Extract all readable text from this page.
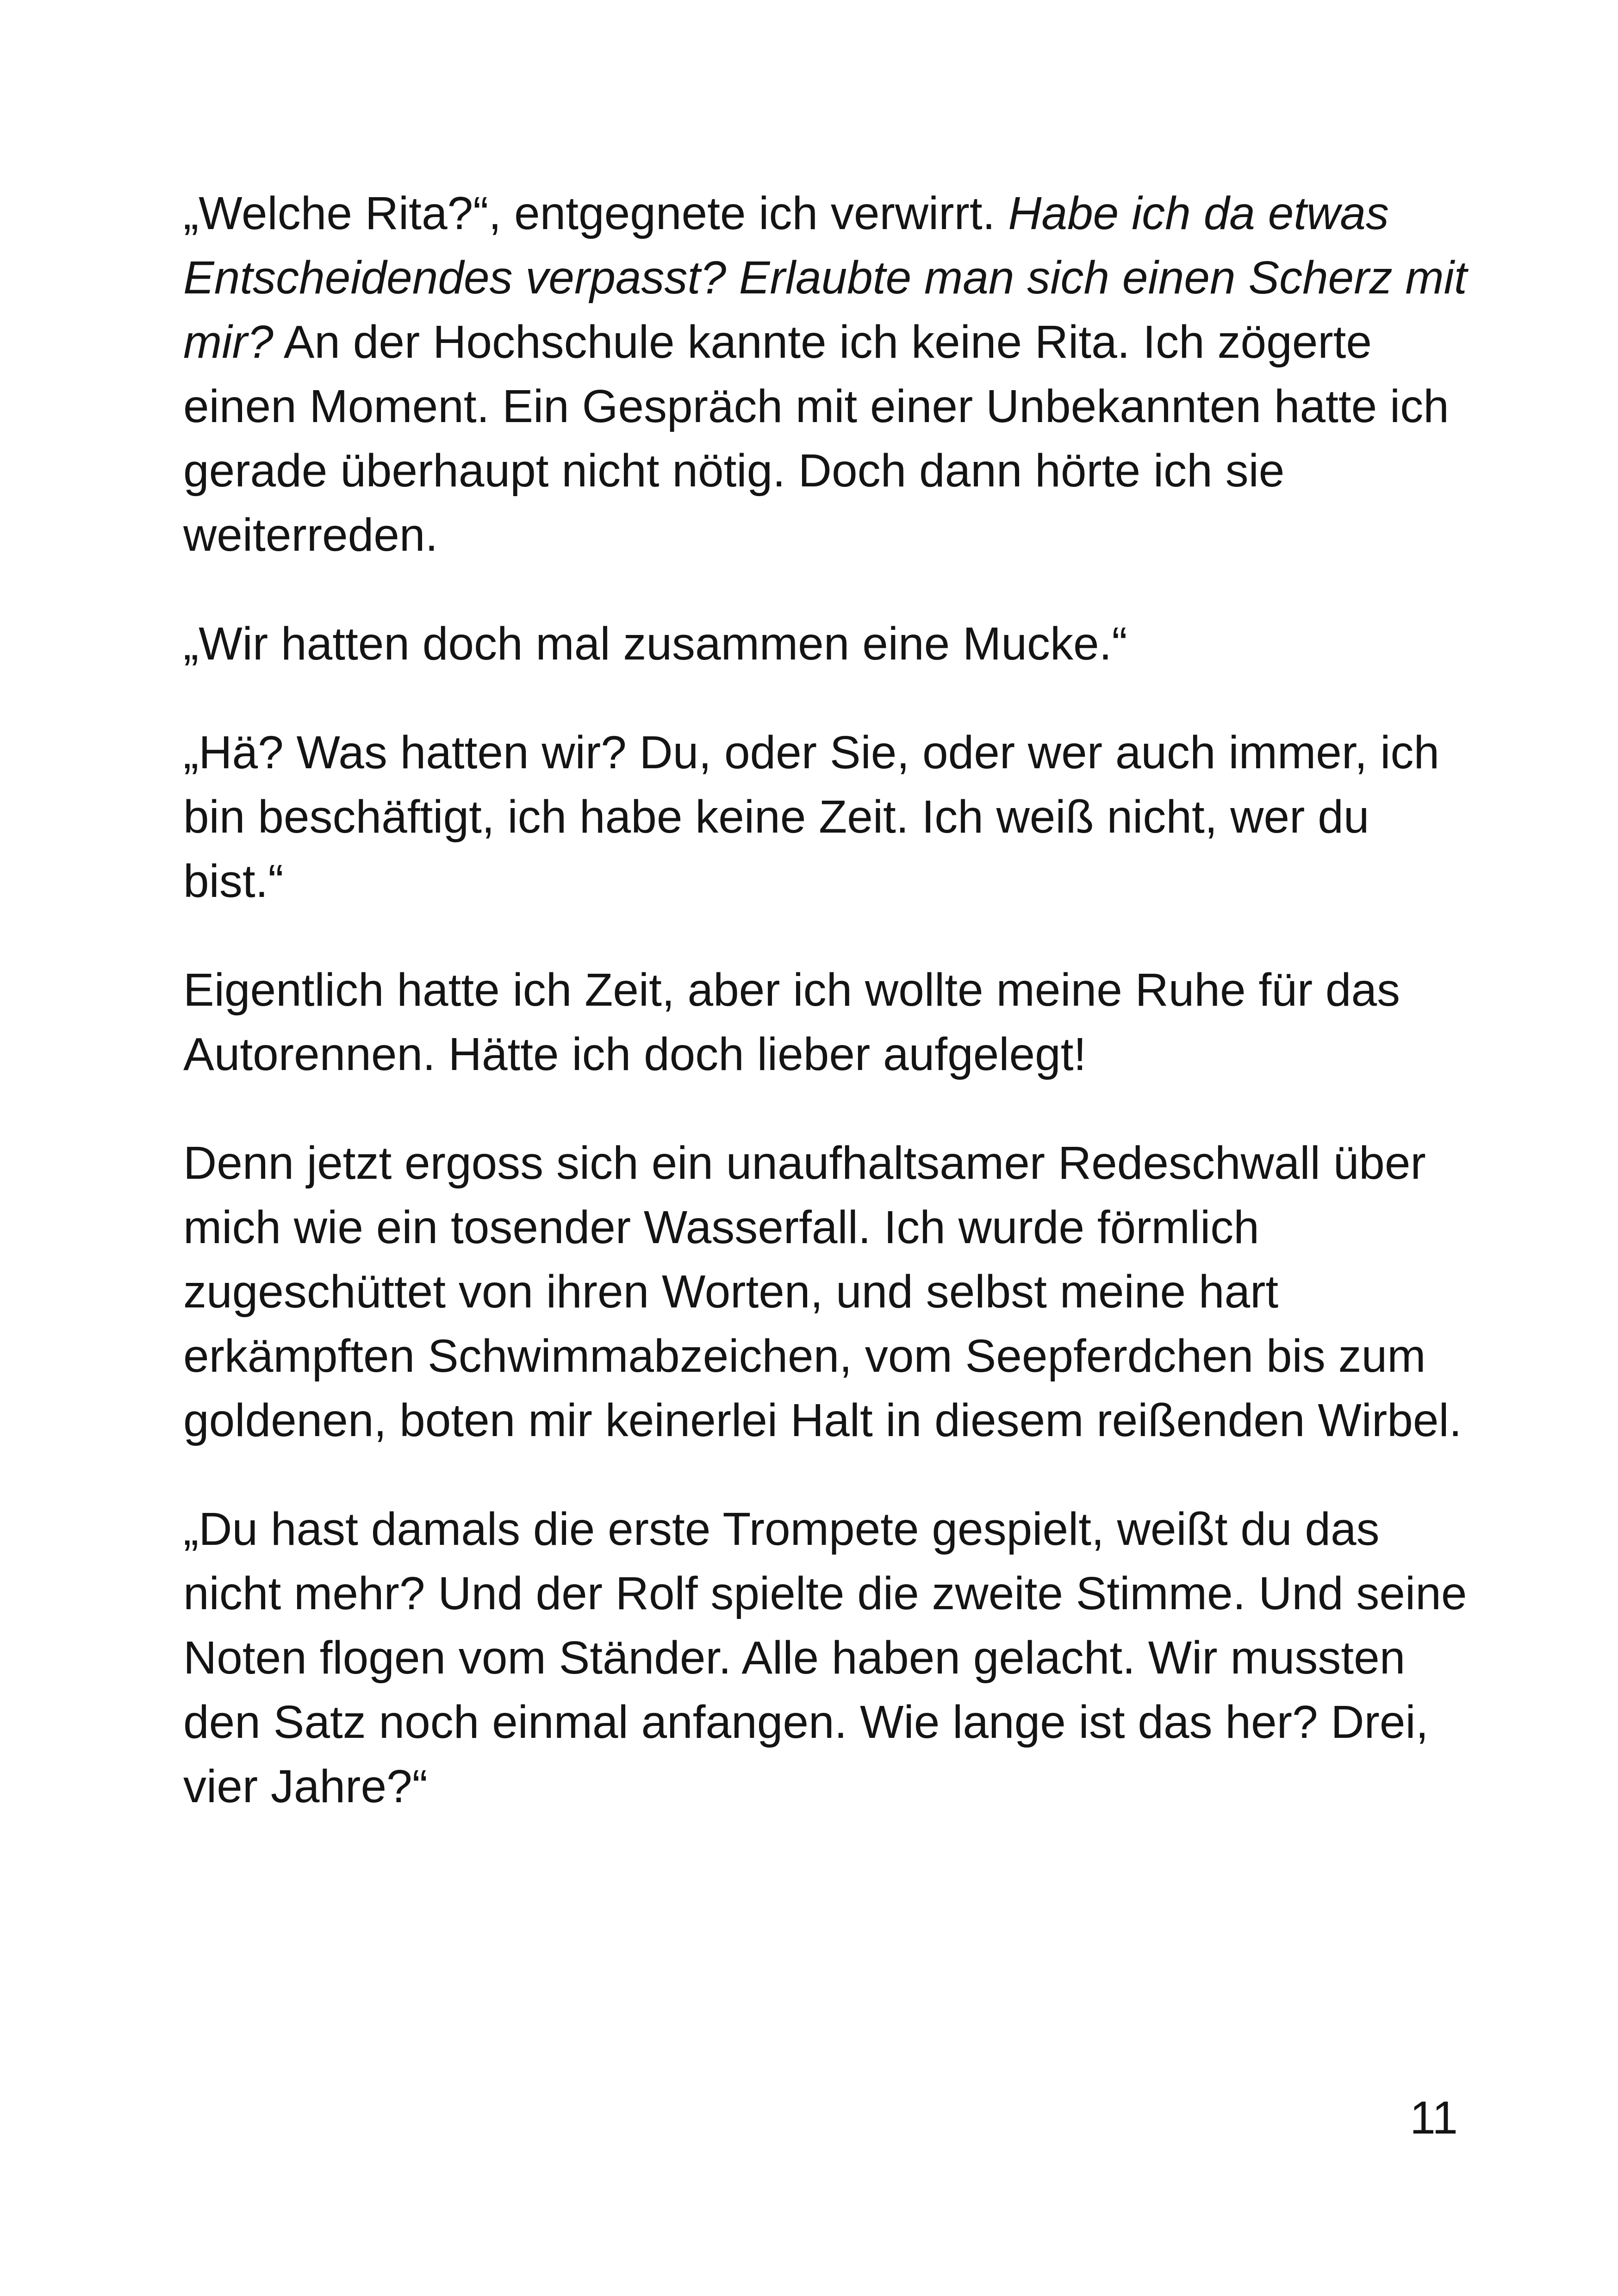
„Welche Rita?“, entgegnete ich verwirrt. Habe ich da etwas Entscheidendes verpasst? Erlaubte man sich einen Scherz mit mir? An der Hochschule kannte ich keine Rita. Ich zögerte einen Moment. Ein Gespräch mit einer Unbekannten hatte ich gerade überhaupt nicht nötig. Doch dann hörte ich sie weiterreden.

„Wir hatten doch mal zusammen eine Mucke.“

„Hä? Was hatten wir? Du, oder Sie, oder wer auch immer, ich bin beschäftigt, ich habe keine Zeit. Ich weiß nicht, wer du bist.“

Eigentlich hatte ich Zeit, aber ich wollte meine Ruhe für das Autorennen. Hätte ich doch lieber aufgelegt!

Denn jetzt ergoss sich ein unaufhaltsamer Redeschwall über mich wie ein tosender Wasserfall. Ich wurde förmlich zugeschüttet von ihren Worten, und selbst meine hart erkämpften Schwimmabzeichen, vom Seepferdchen bis zum goldenen, boten mir keinerlei Halt in diesem reißenden Wirbel.

„Du hast damals die erste Trompete gespielt, weißt du das nicht mehr? Und der Rolf spielte die zweite Stimme. Und seine Noten flogen vom Ständer. Alle haben gelacht. Wir mussten den Satz noch einmal anfangen. Wie lange ist das her? Drei, vier Jahre?“

11
